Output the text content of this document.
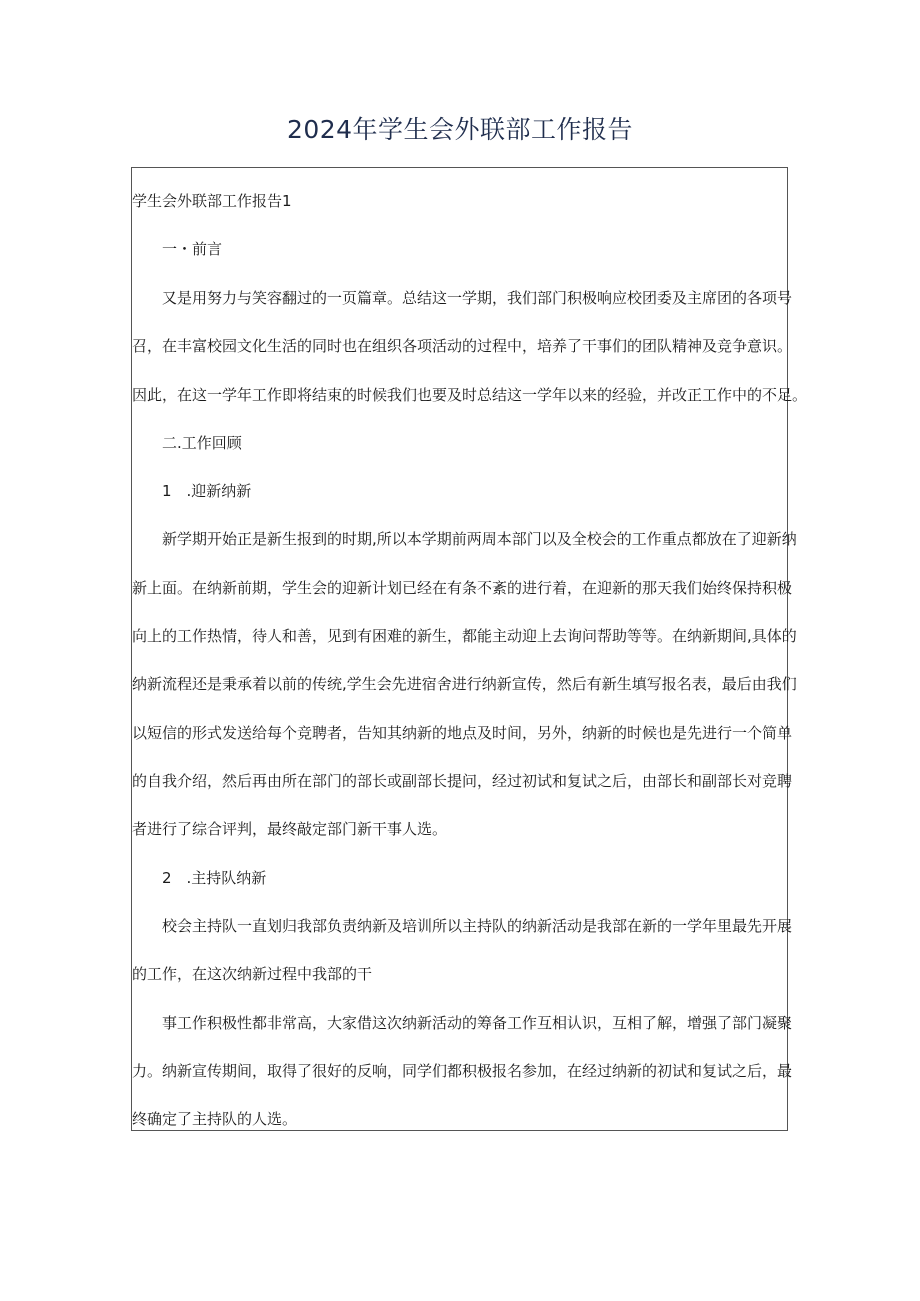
2024年学生会外联部工作报告

学生会外联部工作报告1

一・前言

又是用努力与笑容翻过的一页篇章。总结这一学期，我们部门积极响应校团委及主席团的各项号

召，在丰富校园文化生活的同时也在组织各项活动的过程中，培养了干事们的团队精神及竞争意识。

因此，在这一学年工作即将结束的时候我们也要及时总结这一学年以来的经验，并改正工作中的不足。

二.工作回顾

1　.迎新纳新

新学期开始正是新生报到的时期,所以本学期前两周本部门以及全校会的工作重点都放在了迎新纳

新上面。在纳新前期，学生会的迎新计划已经在有条不紊的进行着，在迎新的那天我们始终保持积极

向上的工作热情，待人和善，见到有困难的新生，都能主动迎上去询问帮助等等。在纳新期间,具体的

纳新流程还是秉承着以前的传统,学生会先进宿舍进行纳新宣传，然后有新生填写报名表，最后由我们

以短信的形式发送给每个竞聘者，告知其纳新的地点及时间，另外，纳新的时候也是先进行一个简单

的自我介绍，然后再由所在部门的部长或副部长提问，经过初试和复试之后，由部长和副部长对竞聘

者进行了综合评判，最终敲定部门新干事人选。

2　.主持队纳新

校会主持队一直划归我部负责纳新及培训所以主持队的纳新活动是我部在新的一学年里最先开展

的工作，在这次纳新过程中我部的干

事工作积极性都非常高，大家借这次纳新活动的筹备工作互相认识，互相了解，增强了部门凝聚

力。纳新宣传期间，取得了很好的反响，同学们都积极报名参加，在经过纳新的初试和复试之后，最

终确定了主持队的人选。
